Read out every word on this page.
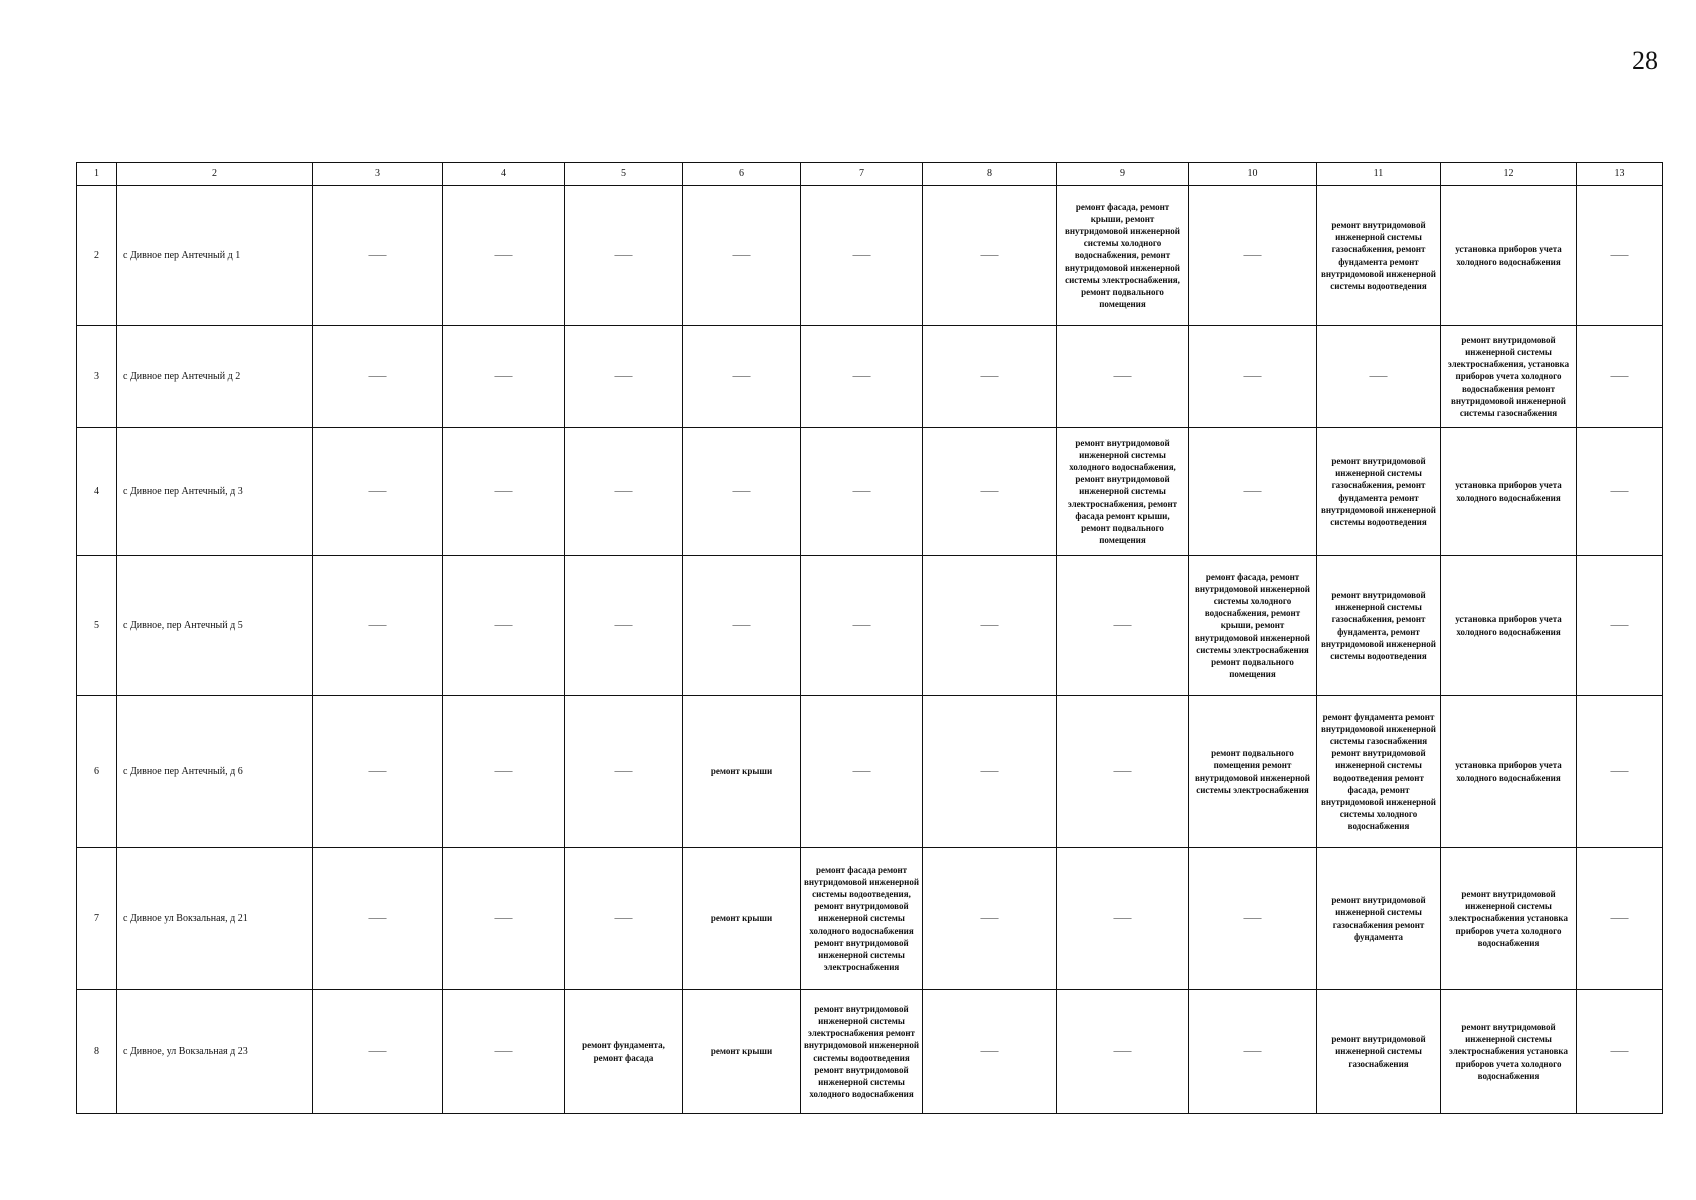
28
1	2	3	4	5	6	7	8	9	10	11	12	13
2	с Дивное пер Антечный д 1	——	——	——	——	——	——	ремонт фасада, ремонт крыши, ремонт внутридомовой инженерной системы холодного водоснабжения, ремонт внутридомовой инженерной системы электроснабжения, ремонт подвального помещения	——	ремонт внутридомовой инженерной системы газоснабжения, ремонт фундамента ремонт внутридомовой инженерной системы водоотведения	установка приборов учета холодного водоснабжения	——
3	с Дивное пер Антечный д 2	——	——	——	——	——	——	——	——	——	ремонт внутридомовой инженерной системы электроснабжения, установка приборов учета холодного водоснабжения ремонт внутридомовой инженерной системы газоснабжения	——
4	с Дивное пер Антечный, д 3	——	——	——	——	——	——	ремонт внутридомовой инженерной системы холодного водоснабжения, ремонт внутридомовой инженерной системы электроснабжения, ремонт фасада ремонт крыши, ремонт подвального помещения	——	ремонт внутридомовой инженерной системы газоснабжения, ремонт фундамента ремонт внутридомовой инженерной системы водоотведения	установка приборов учета холодного водоснабжения	——
5	с Дивное, пер Антечный д 5	——	——	——	——	——	——	——	ремонт фасада, ремонт внутридомовой инженерной системы холодного водоснабжения, ремонт крыши, ремонт внутридомовой инженерной системы электроснабжения ремонт подвального помещения	ремонт внутридомовой инженерной системы газоснабжения, ремонт фундамента, ремонт внутридомовой инженерной системы водоотведения	установка приборов учета холодного водоснабжения	——
6	с Дивное пер Антечный, д 6	——	——	——	ремонт крыши	——	——	——	ремонт подвального помещения ремонт внутридомовой инженерной системы электроснабжения	ремонт фундамента ремонт внутридомовой инженерной системы газоснабжения ремонт внутридомовой инженерной системы водоотведения ремонт фасада, ремонт внутридомовой инженерной системы холодного водоснабжения	установка приборов учета холодного водоснабжения	——
7	с Дивное ул Вокзальная, д 21	——	——	——	ремонт крыши	ремонт фасада ремонт внутридомовой инженерной системы водоотведения, ремонт внутридомовой инженерной системы холодного водоснабжения ремонт внутридомовой инженерной системы электроснабжения	——	——	——	ремонт внутридомовой инженерной системы газоснабжения ремонт фундамента	ремонт внутридомовой инженерной системы электроснабжения установка приборов учета холодного водоснабжения	——
8	с Дивное, ул Вокзальная д 23	——	——	ремонт фундамента, ремонт фасада	ремонт крыши	ремонт внутридомовой инженерной системы электроснабжения ремонт внутридомовой инженерной системы водоотведения ремонт внутридомовой инженерной системы холодного водоснабжения	——	——	——	ремонт внутридомовой инженерной системы газоснабжения	ремонт внутридомовой инженерной системы электроснабжения установка приборов учета холодного водоснабжения	——
